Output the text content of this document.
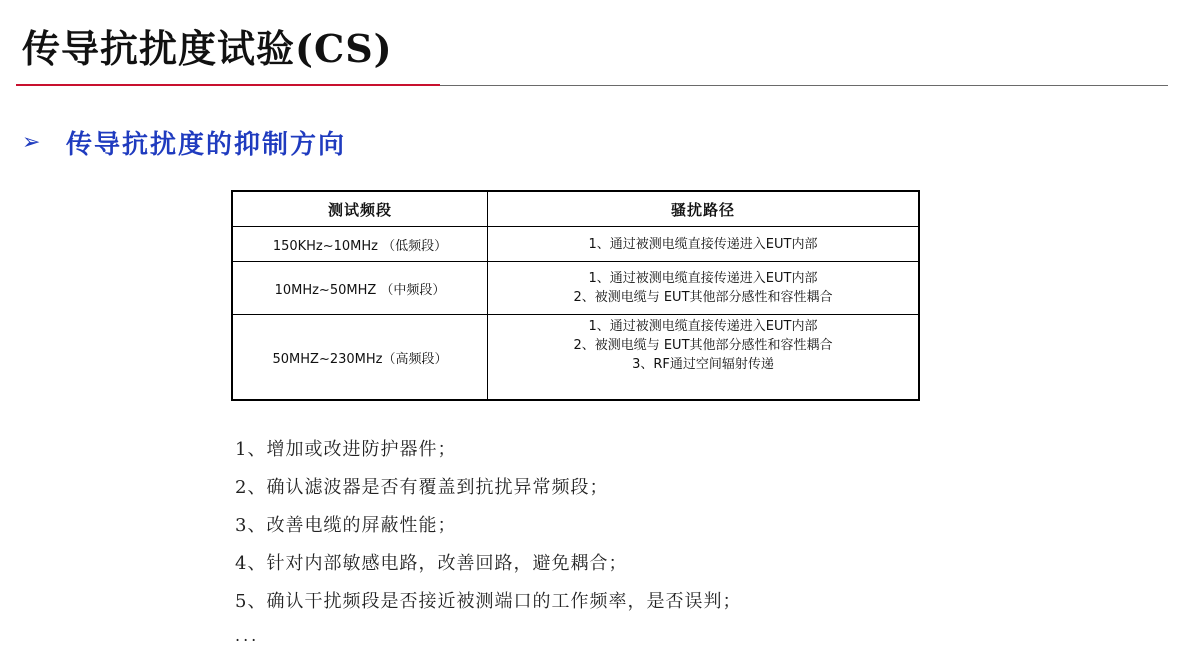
传导抗扰度试验(CS)
➢ 传导抗扰度的抑制方向
测试频段	骚扰路径
150KHz~10MHz （低频段）	1、通过被测电缆直接传递进入EUT内部

10MHz~50MHZ （中频段）	1、通过被测电缆直接传递进入EUT内部
2、被测电缆与 EUT其他部分感性和容性耦合

50MHZ~230MHz（高频段）	1、通过被测电缆直接传递进入EUT内部
2、被测电缆与 EUT其他部分感性和容性耦合
3、RF通过空间辐射传递
1、增加或改进防护器件；
2、确认滤波器是否有覆盖到抗扰异常频段；
3、改善电缆的屏蔽性能；
4、针对内部敏感电路，改善回路，避免耦合；
5、确认干扰频段是否接近被测端口的工作频率，是否误判；
...
